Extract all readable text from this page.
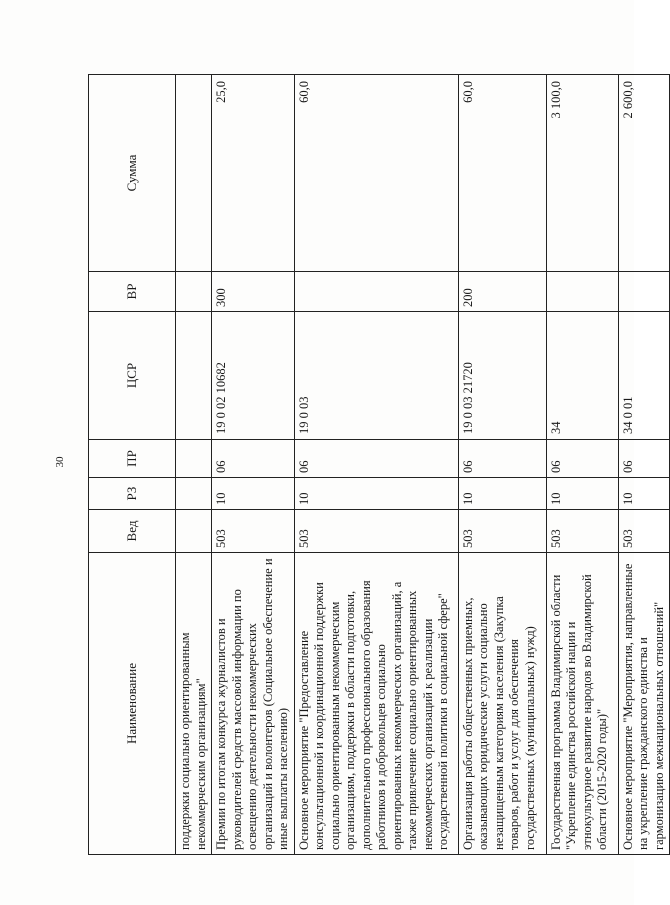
30
Наименование	Вед	РЗ	ПР	ЦСР	ВР	Сумма
поддержки социально ориентированным некоммерческим организациям"						
Премии по итогам конкурса журналистов и руководителей средств массовой информации по освещению деятельности некоммерческих организаций и волонтеров (Социальное обеспечение и иные выплаты населению)	503	10	06	19 0 02 10682	300	25,0
Основное мероприятие "Предоставление консультационной и координационной поддержки социально ориентированным некоммерческим организациям, поддержки в области подготовки, дополнительного профессионального образования работников и добровольцев социально ориентированных некоммерческих организаций, а также привлечение социально ориентированных некоммерческих организаций к реализации государственной политики в социальной сфере"	503	10	06	19 0 03		60,0
Организация работы общественных приемных, оказывающих юридические услуги социально незащищенным категориям населения (Закупка товаров, работ и услуг для обеспечения государственных (муниципальных) нужд)	503	10	06	19 0 03 21720	200	60,0
Государственная программа Владимирской области "Укрепление единства российской нации и этнокультурное развитие народов во Владимирской области (2015-2020 годы)"	503	10	06	34		3 100,0
Основное мероприятие "Мероприятия, направленные на укрепление гражданского единства и гармонизацию межнациональных отношений"	503	10	06	34 0 01		2 600,0
